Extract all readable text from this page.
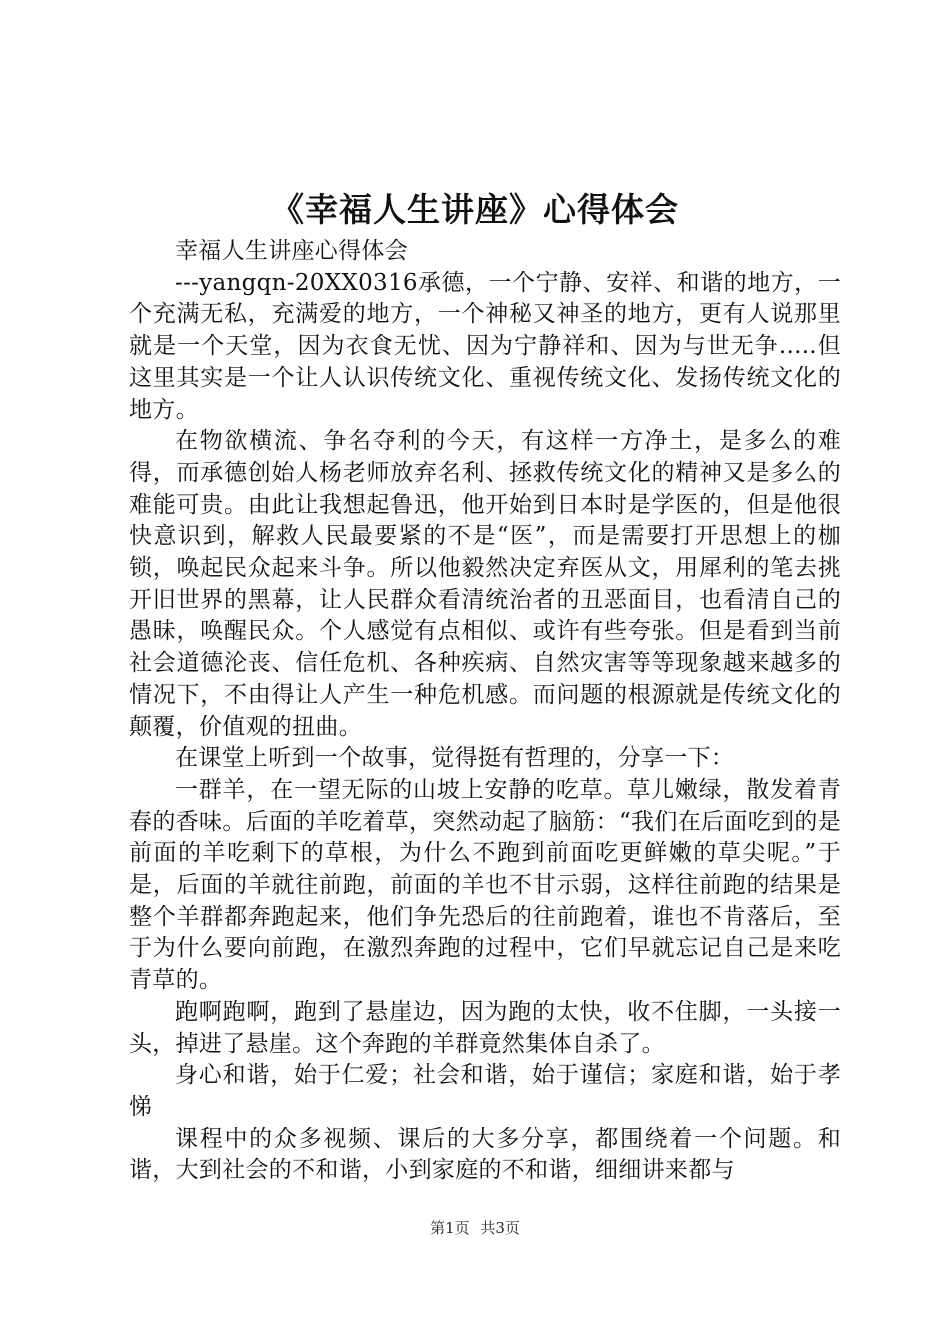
《幸福人生讲座》心得体会

幸福人生讲座心得体会

---yangqn-20XX0316承德，一个宁静、安祥、和谐的地方，一个充满无私，充满爱的地方，一个神秘又神圣的地方，更有人说那里就是一个天堂，因为衣食无忧、因为宁静祥和、因为与世无争.....但这里其实是一个让人认识传统文化、重视传统文化、发扬传统文化的地方。

在物欲横流、争名夺利的今天，有这样一方净土，是多么的难得，而承德创始人杨老师放弃名利、拯救传统文化的精神又是多么的难能可贵。由此让我想起鲁迅，他开始到日本时是学医的，但是他很快意识到，解救人民最要紧的不是“医”，而是需要打开思想上的枷锁，唤起民众起来斗争。所以他毅然决定弃医从文，用犀利的笔去挑开旧世界的黑幕，让人民群众看清统治者的丑恶面目，也看清自己的愚昧，唤醒民众。个人感觉有点相似、或许有些夸张。但是看到当前社会道德沦丧、信任危机、各种疾病、自然灾害等等现象越来越多的情况下，不由得让人产生一种危机感。而问题的根源就是传统文化的颠覆，价值观的扭曲。

在课堂上听到一个故事，觉得挺有哲理的，分享一下：

一群羊，在一望无际的山坡上安静的吃草。草儿嫩绿，散发着青春的香味。后面的羊吃着草，突然动起了脑筋：“我们在后面吃到的是前面的羊吃剩下的草根，为什么不跑到前面吃更鲜嫩的草尖呢。”于是，后面的羊就往前跑，前面的羊也不甘示弱，这样往前跑的结果是整个羊群都奔跑起来，他们争先恐后的往前跑着，谁也不肯落后，至于为什么要向前跑，在激烈奔跑的过程中，它们早就忘记自己是来吃青草的。

跑啊跑啊，跑到了悬崖边，因为跑的太快，收不住脚，一头接一头，掉进了悬崖。这个奔跑的羊群竟然集体自杀了。

身心和谐，始于仁爱；社会和谐，始于谨信；家庭和谐，始于孝悌

课程中的众多视频、课后的大多分享，都围绕着一个问题。和谐，大到社会的不和谐，小到家庭的不和谐，细细讲来都与

第1页 共3页
